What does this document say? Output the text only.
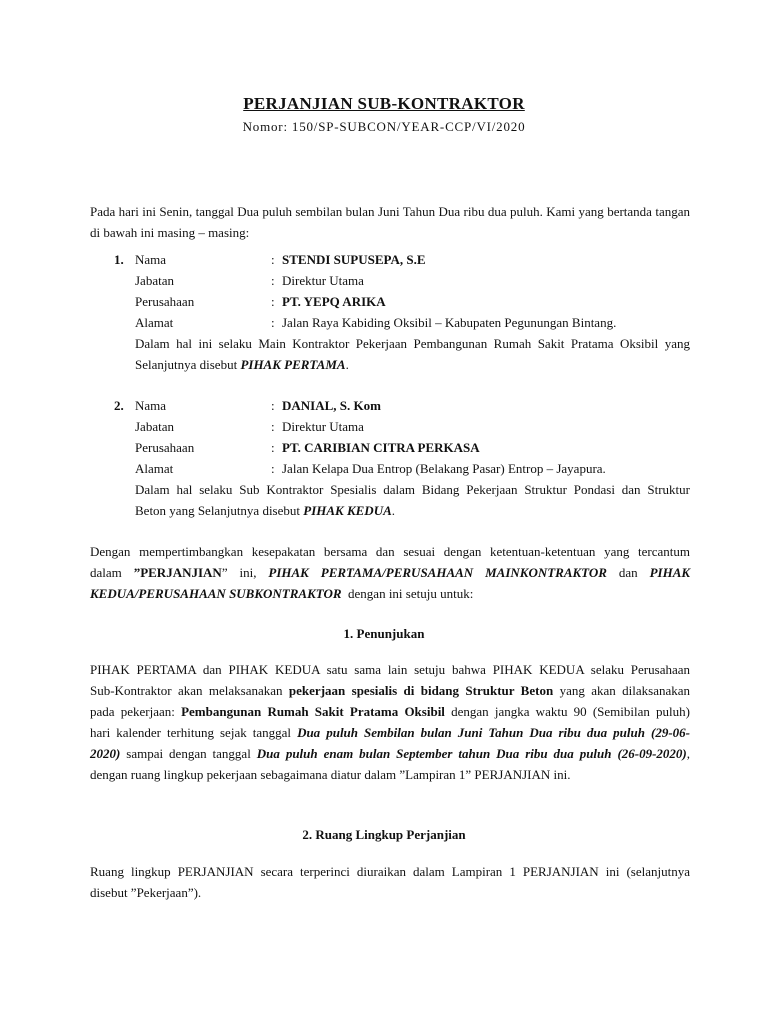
PERJANJIAN SUB-KONTRAKTOR
Nomor: 150/SP-SUBCON/YEAR-CCP/VI/2020
Pada hari ini Senin, tanggal Dua puluh sembilan bulan Juni Tahun Dua ribu dua puluh. Kami yang bertanda tangan di bawah ini masing – masing:
1. Nama	: STENDI SUPUSEPA, S.E
Jabatan	: Direktur Utama
Perusahaan	: PT. YEPQ ARIKA
Alamat	: Jalan Raya Kabiding Oksibil – Kabupaten Pegunungan Bintang.
Dalam hal ini selaku Main Kontraktor Pekerjaan Pembangunan Rumah Sakit Pratama Oksibil yang
Selanjutnya disebut PIHAK PERTAMA.
2. Nama	: DANIAL, S. Kom
Jabatan	: Direktur Utama
Perusahaan	: PT. CARIBIAN CITRA PERKASA
Alamat	: Jalan Kelapa Dua Entrop (Belakang Pasar) Entrop – Jayapura.
Dalam hal selaku Sub Kontraktor Spesialis dalam Bidang Pekerjaan Struktur Pondasi dan Struktur
Beton yang Selanjutnya disebut PIHAK KEDUA.
Dengan mempertimbangkan kesepakatan bersama dan sesuai dengan ketentuan-ketentuan yang tercantum
dalam ”PERJANJIAN” ini, PIHAK PERTAMA/PERUSAHAAN MAINKONTRAKTOR dan PIHAK
KEDUA/PERUSAHAAN SUBKONTRAKTOR dengan ini setuju untuk:
1. Penunjukan
PIHAK PERTAMA dan PIHAK KEDUA satu sama lain setuju bahwa PIHAK KEDUA selaku Perusahaan
Sub-Kontraktor akan melaksanakan pekerjaan spesialis di bidang Struktur Beton yang akan dilaksanakan
pada pekerjaan: Pembangunan Rumah Sakit Pratama Oksibil dengan jangka waktu 90 (Semibilan puluh)
hari kalender terhitung sejak tanggal Dua puluh Sembilan bulan Juni Tahun Dua ribu dua puluh (29-06-
2020) sampai dengan tanggal Dua puluh enam bulan September tahun Dua ribu dua puluh (26-09-2020),
dengan ruang lingkup pekerjaan sebagaimana diatur dalam ”Lampiran 1” PERJANJIAN ini.
2. Ruang Lingkup Perjanjian
Ruang lingkup PERJANJIAN secara terperinci diuraikan dalam Lampiran 1 PERJANJIAN ini (selanjutnya
disebut ”Pekerjaan”).
